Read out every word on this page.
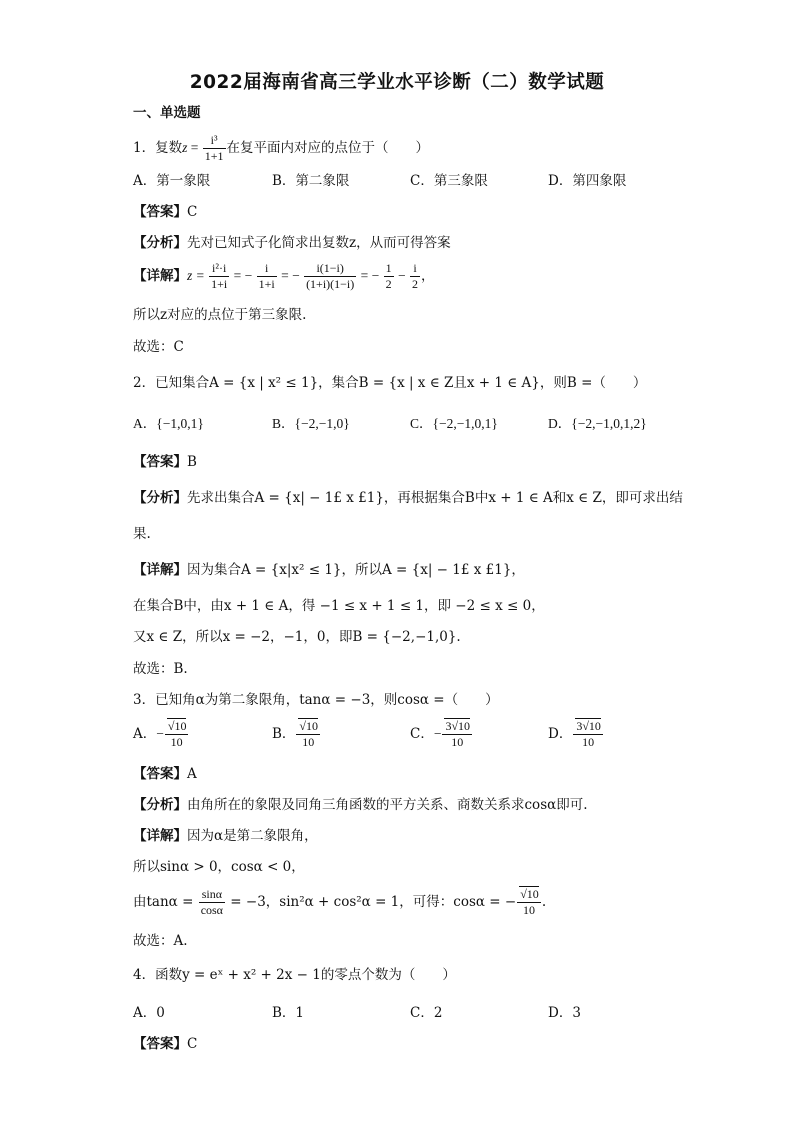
2022届海南省高三学业水平诊断（二）数学试题
一、单选题
1．复数$z = \frac{\text{i³}}{1+1}$ 在复平面内对应的点位于（　　）
A．第一象限	B．第二象限	C．第三象限	D．第四象限
【答案】C
【分析】先对已知式子化简求出复数z，从而可得答案
【详解】$z = \frac{\text{i²·i}}{1+i}$ = − $\frac{i}{1+i}$ = − $\frac{i(1-i)}{(1+i)(1-i)}$ = − $\frac{1}{2} - \frac{i}{2}$ ，
所以z对应的点位于第三象限.
故选：C
2．已知集合A = {x | x² ≤ 1}，集合B = {x | x ∈ Z且x + 1 ∈ A}，则B =（　　）
A．{−1,0,1}	B．{−2,−1,0}	C．{−2,−1,0,1}	D．{−2,−1,0,1,2}
【答案】B
【分析】先求出集合A = {x| − 1£ x £1}，再根据集合B中x + 1 ∈ A和x ∈ Z，即可求出结
果.
【详解】因为集合A = {x|x² ≤ 1}，所以A = {x| − 1£ x £1}，
在集合B中，由x + 1 ∈ A，得 −1 ≤ x + 1 ≤ 1，即 −2 ≤ x ≤ 0，
又x ∈ Z，所以x = −2，−1，0，即B = {−2,−1,0}.
故选：B.
3．已知角α为第二象限角，tanα = −3，则cosα =（　　）
A．− $\frac{√10}{10}$	B． $\frac{√10}{10}$	C．− $\frac{3√10}{10}$	D． $\frac{3√10}{10}$
【答案】A
【分析】由角所在的象限及同角三角函数的平方关系、商数关系求cosα即可.
【详解】因为α是第二象限角，
所以sinα > 0，cosα < 0，
由$\tan\alpha = \frac{\sin\alpha}{\cos\alpha} = -3$，sin²α + cos²α = 1，可得：cosα = − $\frac{√10}{10}$ .
故选：A.
4．函数y = eˣ + x² + 2x − 1的零点个数为（　　）
A．0	B．1	C．2	D．3
【答案】C
